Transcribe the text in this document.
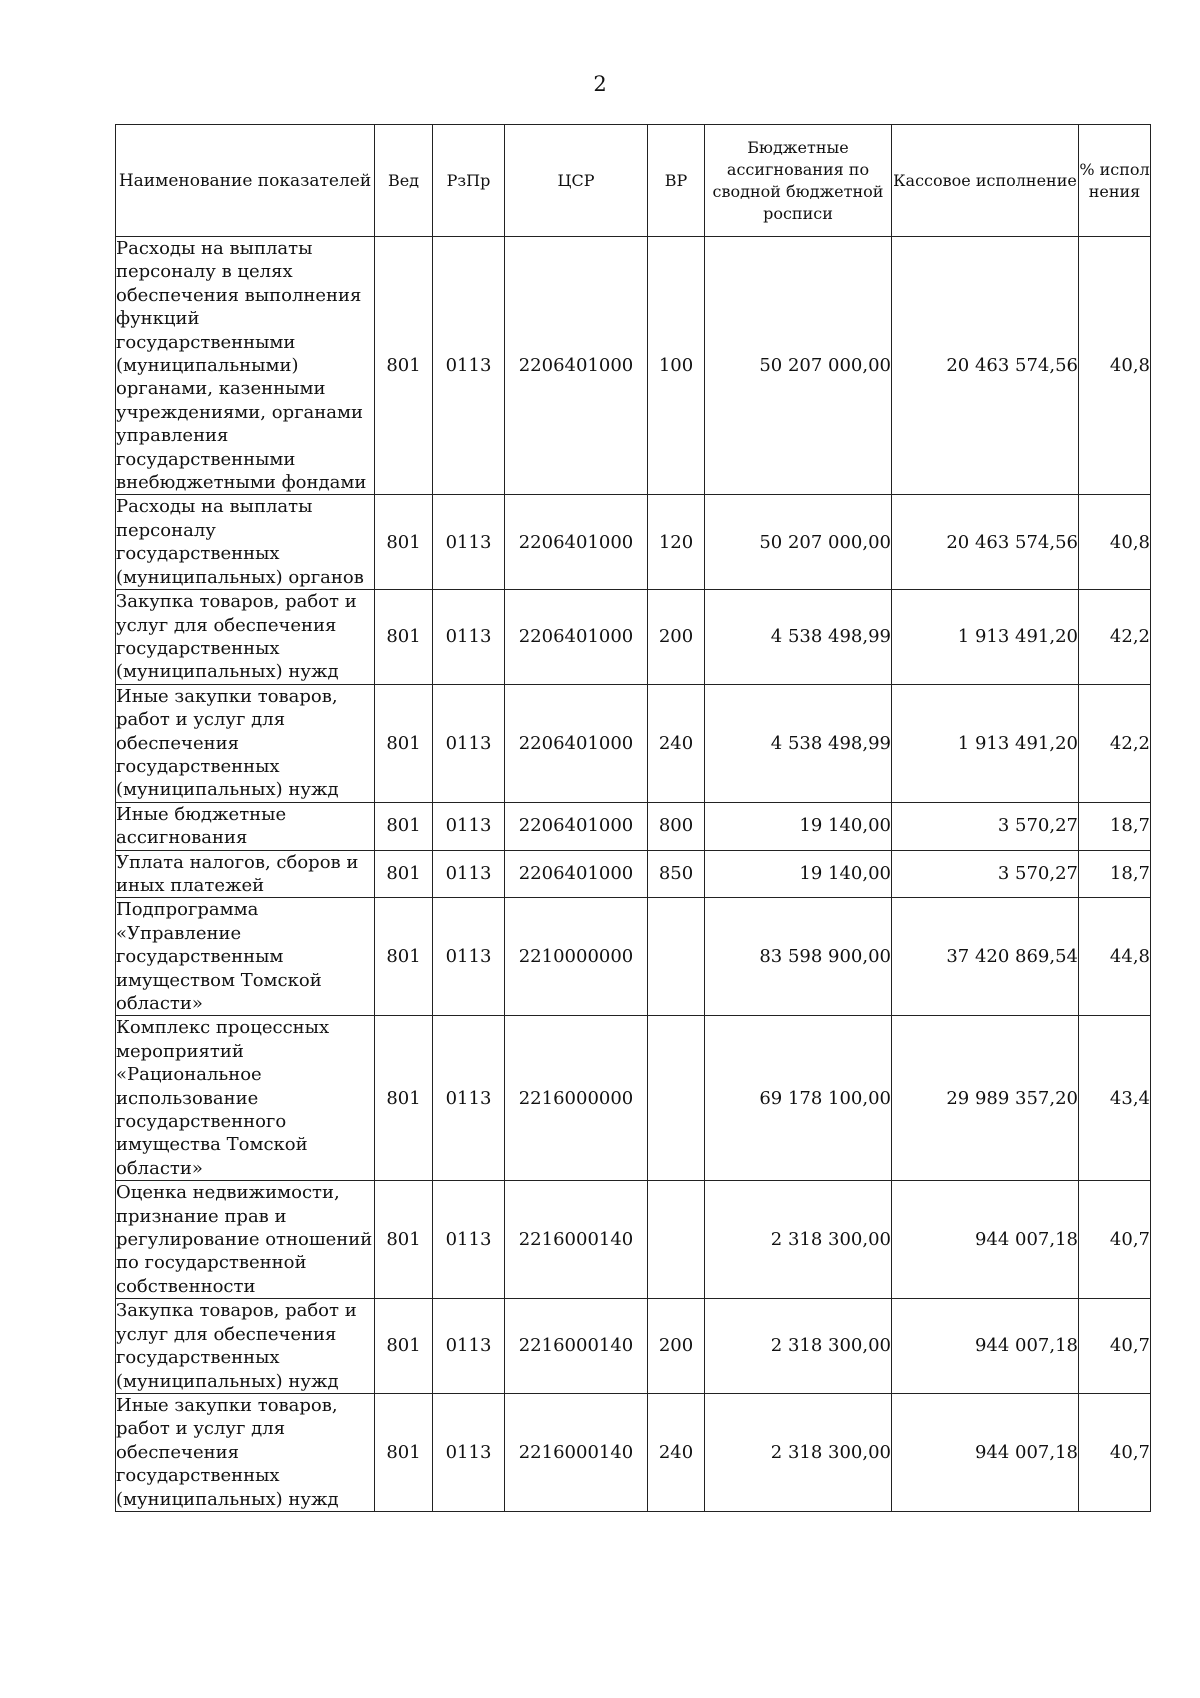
2
Наименование показателей	Вед	РзПр	ЦСР	ВР	Бюджетные ассигнования по сводной бюджетной росписи	Кассовое исполнение	% испол нения
Расходы на выплаты персоналу в целях обеспечения выполнения функций государственными (муниципальными) органами, казенными учреждениями, органами управления государственными внебюджетными фондами	801	0113	2206401000	100	50 207 000,00	20 463 574,56	40,8
Расходы на выплаты персоналу государственных (муниципальных) органов	801	0113	2206401000	120	50 207 000,00	20 463 574,56	40,8
Закупка товаров, работ и услуг для обеспечения государственных (муниципальных) нужд	801	0113	2206401000	200	4 538 498,99	1 913 491,20	42,2
Иные закупки товаров, работ и услуг для обеспечения государственных (муниципальных) нужд	801	0113	2206401000	240	4 538 498,99	1 913 491,20	42,2
Иные бюджетные ассигнования	801	0113	2206401000	800	19 140,00	3 570,27	18,7
Уплата налогов, сборов и иных платежей	801	0113	2206401000	850	19 140,00	3 570,27	18,7
Подпрограмма «Управление государственным имуществом Томской области»	801	0113	2210000000		83 598 900,00	37 420 869,54	44,8
Комплекс процессных мероприятий «Рациональное использование государственного имущества Томской области»	801	0113	2216000000		69 178 100,00	29 989 357,20	43,4
Оценка недвижимости, признание прав и регулирование отношений по государственной собственности	801	0113	2216000140		2 318 300,00	944 007,18	40,7
Закупка товаров, работ и услуг для обеспечения государственных (муниципальных) нужд	801	0113	2216000140	200	2 318 300,00	944 007,18	40,7
Иные закупки товаров, работ и услуг для обеспечения государственных (муниципальных) нужд	801	0113	2216000140	240	2 318 300,00	944 007,18	40,7
